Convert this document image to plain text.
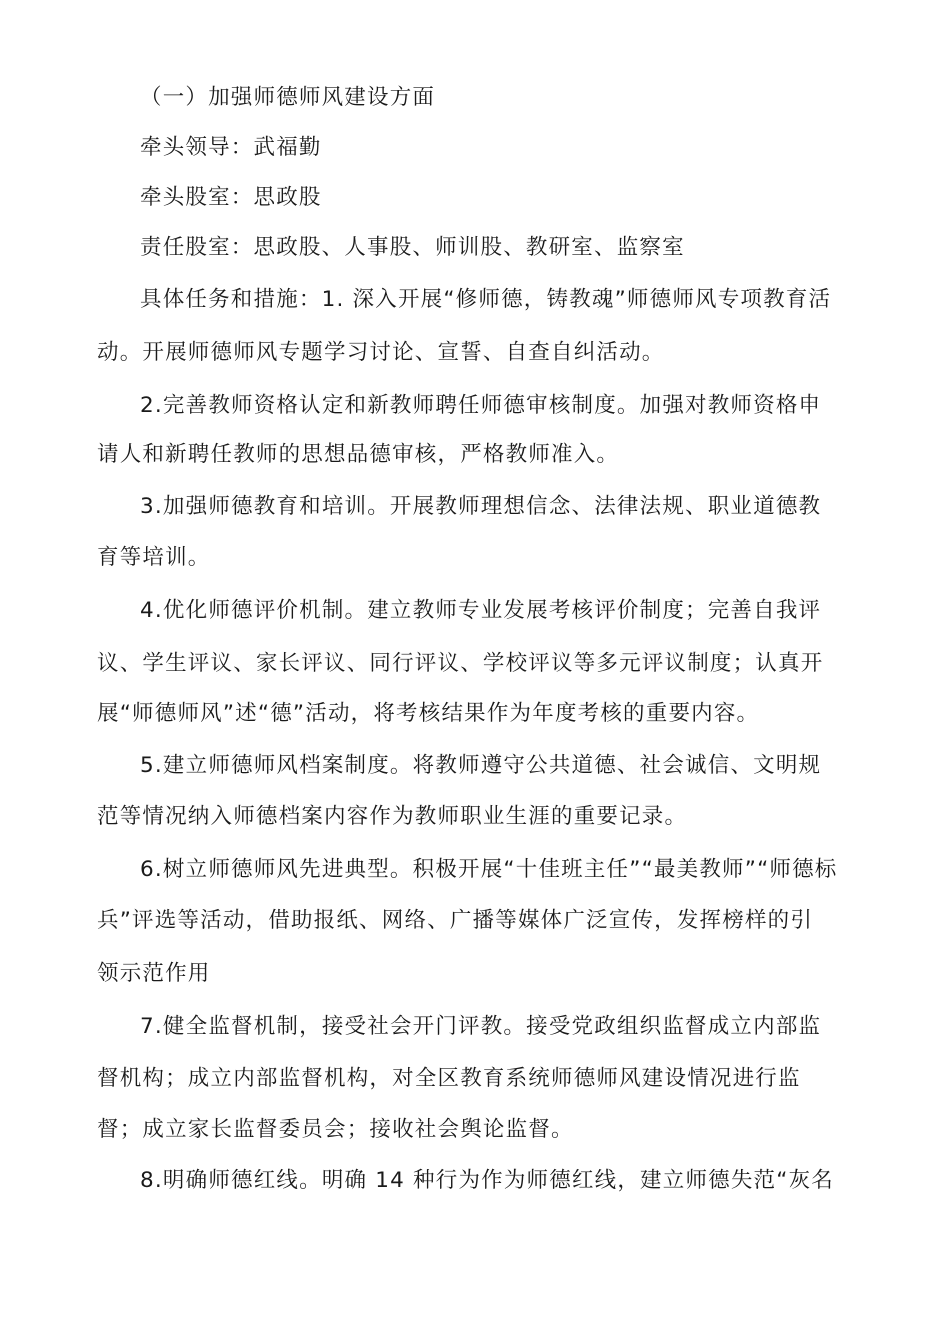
（一）加强师德师风建设方面
牵头领导：武福勤
牵头股室：思政股
责任股室：思政股、人事股、师训股、教研室、监察室
具体任务和措施：1. 深入开展“修师德，铸教魂”师德师风专项教育活
动。开展师德师风专题学习讨论、宣誓、自查自纠活动。
2.完善教师资格认定和新教师聘任师德审核制度。加强对教师资格申
请人和新聘任教师的思想品德审核，严格教师准入。
3.加强师德教育和培训。开展教师理想信念、法律法规、职业道德教
育等培训。
4.优化师德评价机制。建立教师专业发展考核评价制度；完善自我评
议、学生评议、家长评议、同行评议、学校评议等多元评议制度；认真开
展“师德师风”述“德”活动，将考核结果作为年度考核的重要内容。
5.建立师德师风档案制度。将教师遵守公共道德、社会诚信、文明规
范等情况纳入师德档案内容作为教师职业生涯的重要记录。
6.树立师德师风先进典型。积极开展“十佳班主任”“最美教师”“师德标
兵”评选等活动，借助报纸、网络、广播等媒体广泛宣传，发挥榜样的引
领示范作用
7.健全监督机制，接受社会开门评教。接受党政组织监督成立内部监
督机构；成立内部监督机构，对全区教育系统师德师风建设情况进行监
督；成立家长监督委员会；接收社会舆论监督。
8.明确师德红线。明确 14 种行为作为师德红线，建立师德失范“灰名
